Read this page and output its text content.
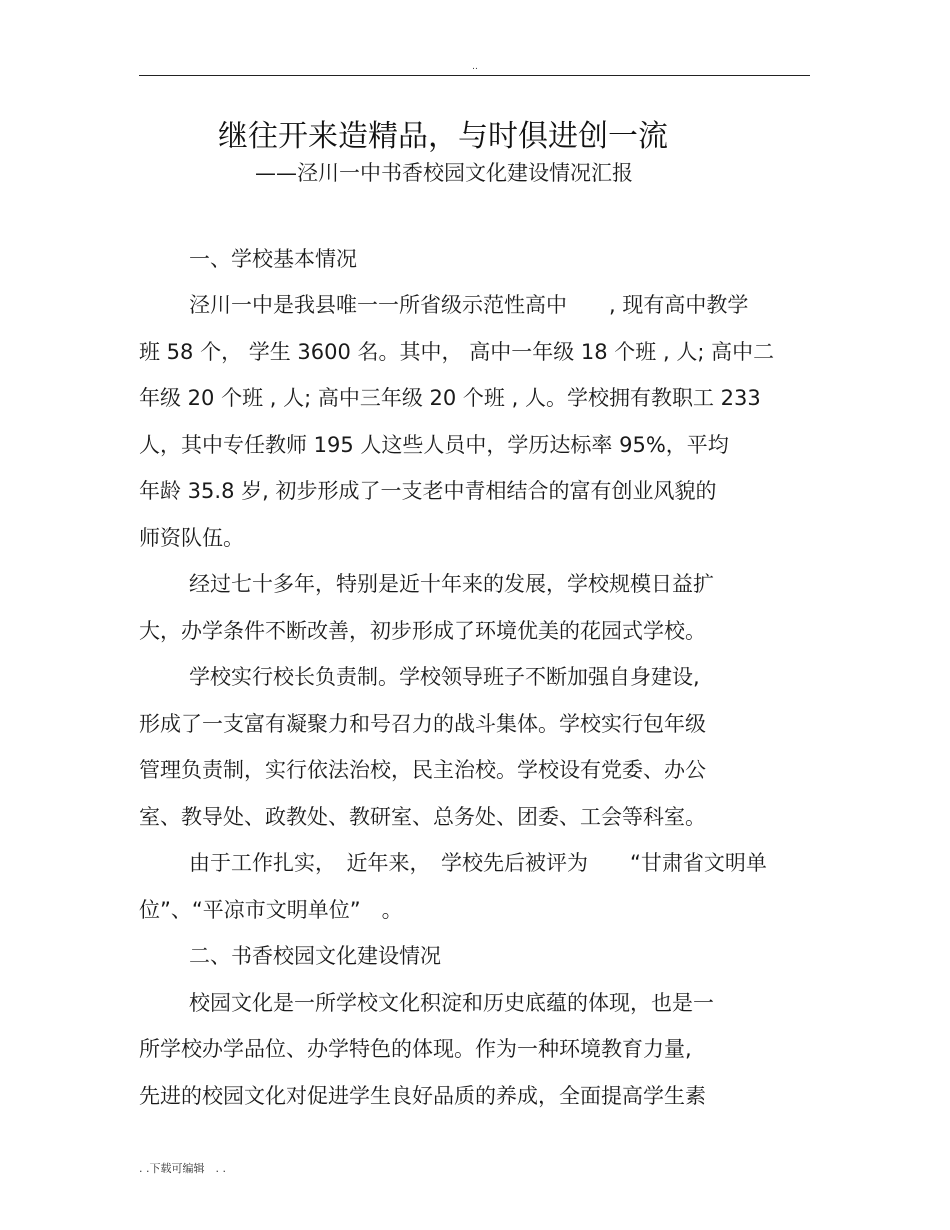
..
继往开来造精品，与时俱进创一流
——泾川一中书香校园文化建设情况汇报
一、学校基本情况
泾川一中是我县唯一一所省级示范性高中　　, 现有高中教学
班 58 个， 学生 3600 名。其中， 高中一年级 18 个班 , 人; 高中二
年级 20 个班 , 人; 高中三年级 20 个班 , 人。学校拥有教职工 233
人，其中专任教师 195 人这些人员中，学历达标率 95%，平均
年龄 35.8 岁, 初步形成了一支老中青相结合的富有创业风貌的
师资队伍。
经过七十多年，特别是近十年来的发展，学校规模日益扩
大，办学条件不断改善，初步形成了环境优美的花园式学校。
学校实行校长负责制。学校领导班子不断加强自身建设,
形成了一支富有凝聚力和号召力的战斗集体。学校实行包年级
管理负责制，实行依法治校，民主治校。学校设有党委、办公
室、教导处、政教处、教研室、总务处、团委、工会等科室。
由于工作扎实，　近年来，　学校先后被评为　　“甘肃省文明单
位”、“平凉市文明单位”　。
二、书香校园文化建设情况
校园文化是一所学校文化积淀和历史底蕴的体现，也是一
所学校办学品位、办学特色的体现。作为一种环境教育力量,
先进的校园文化对促进学生良好品质的养成，全面提高学生素
. .下载可编辑　. .
